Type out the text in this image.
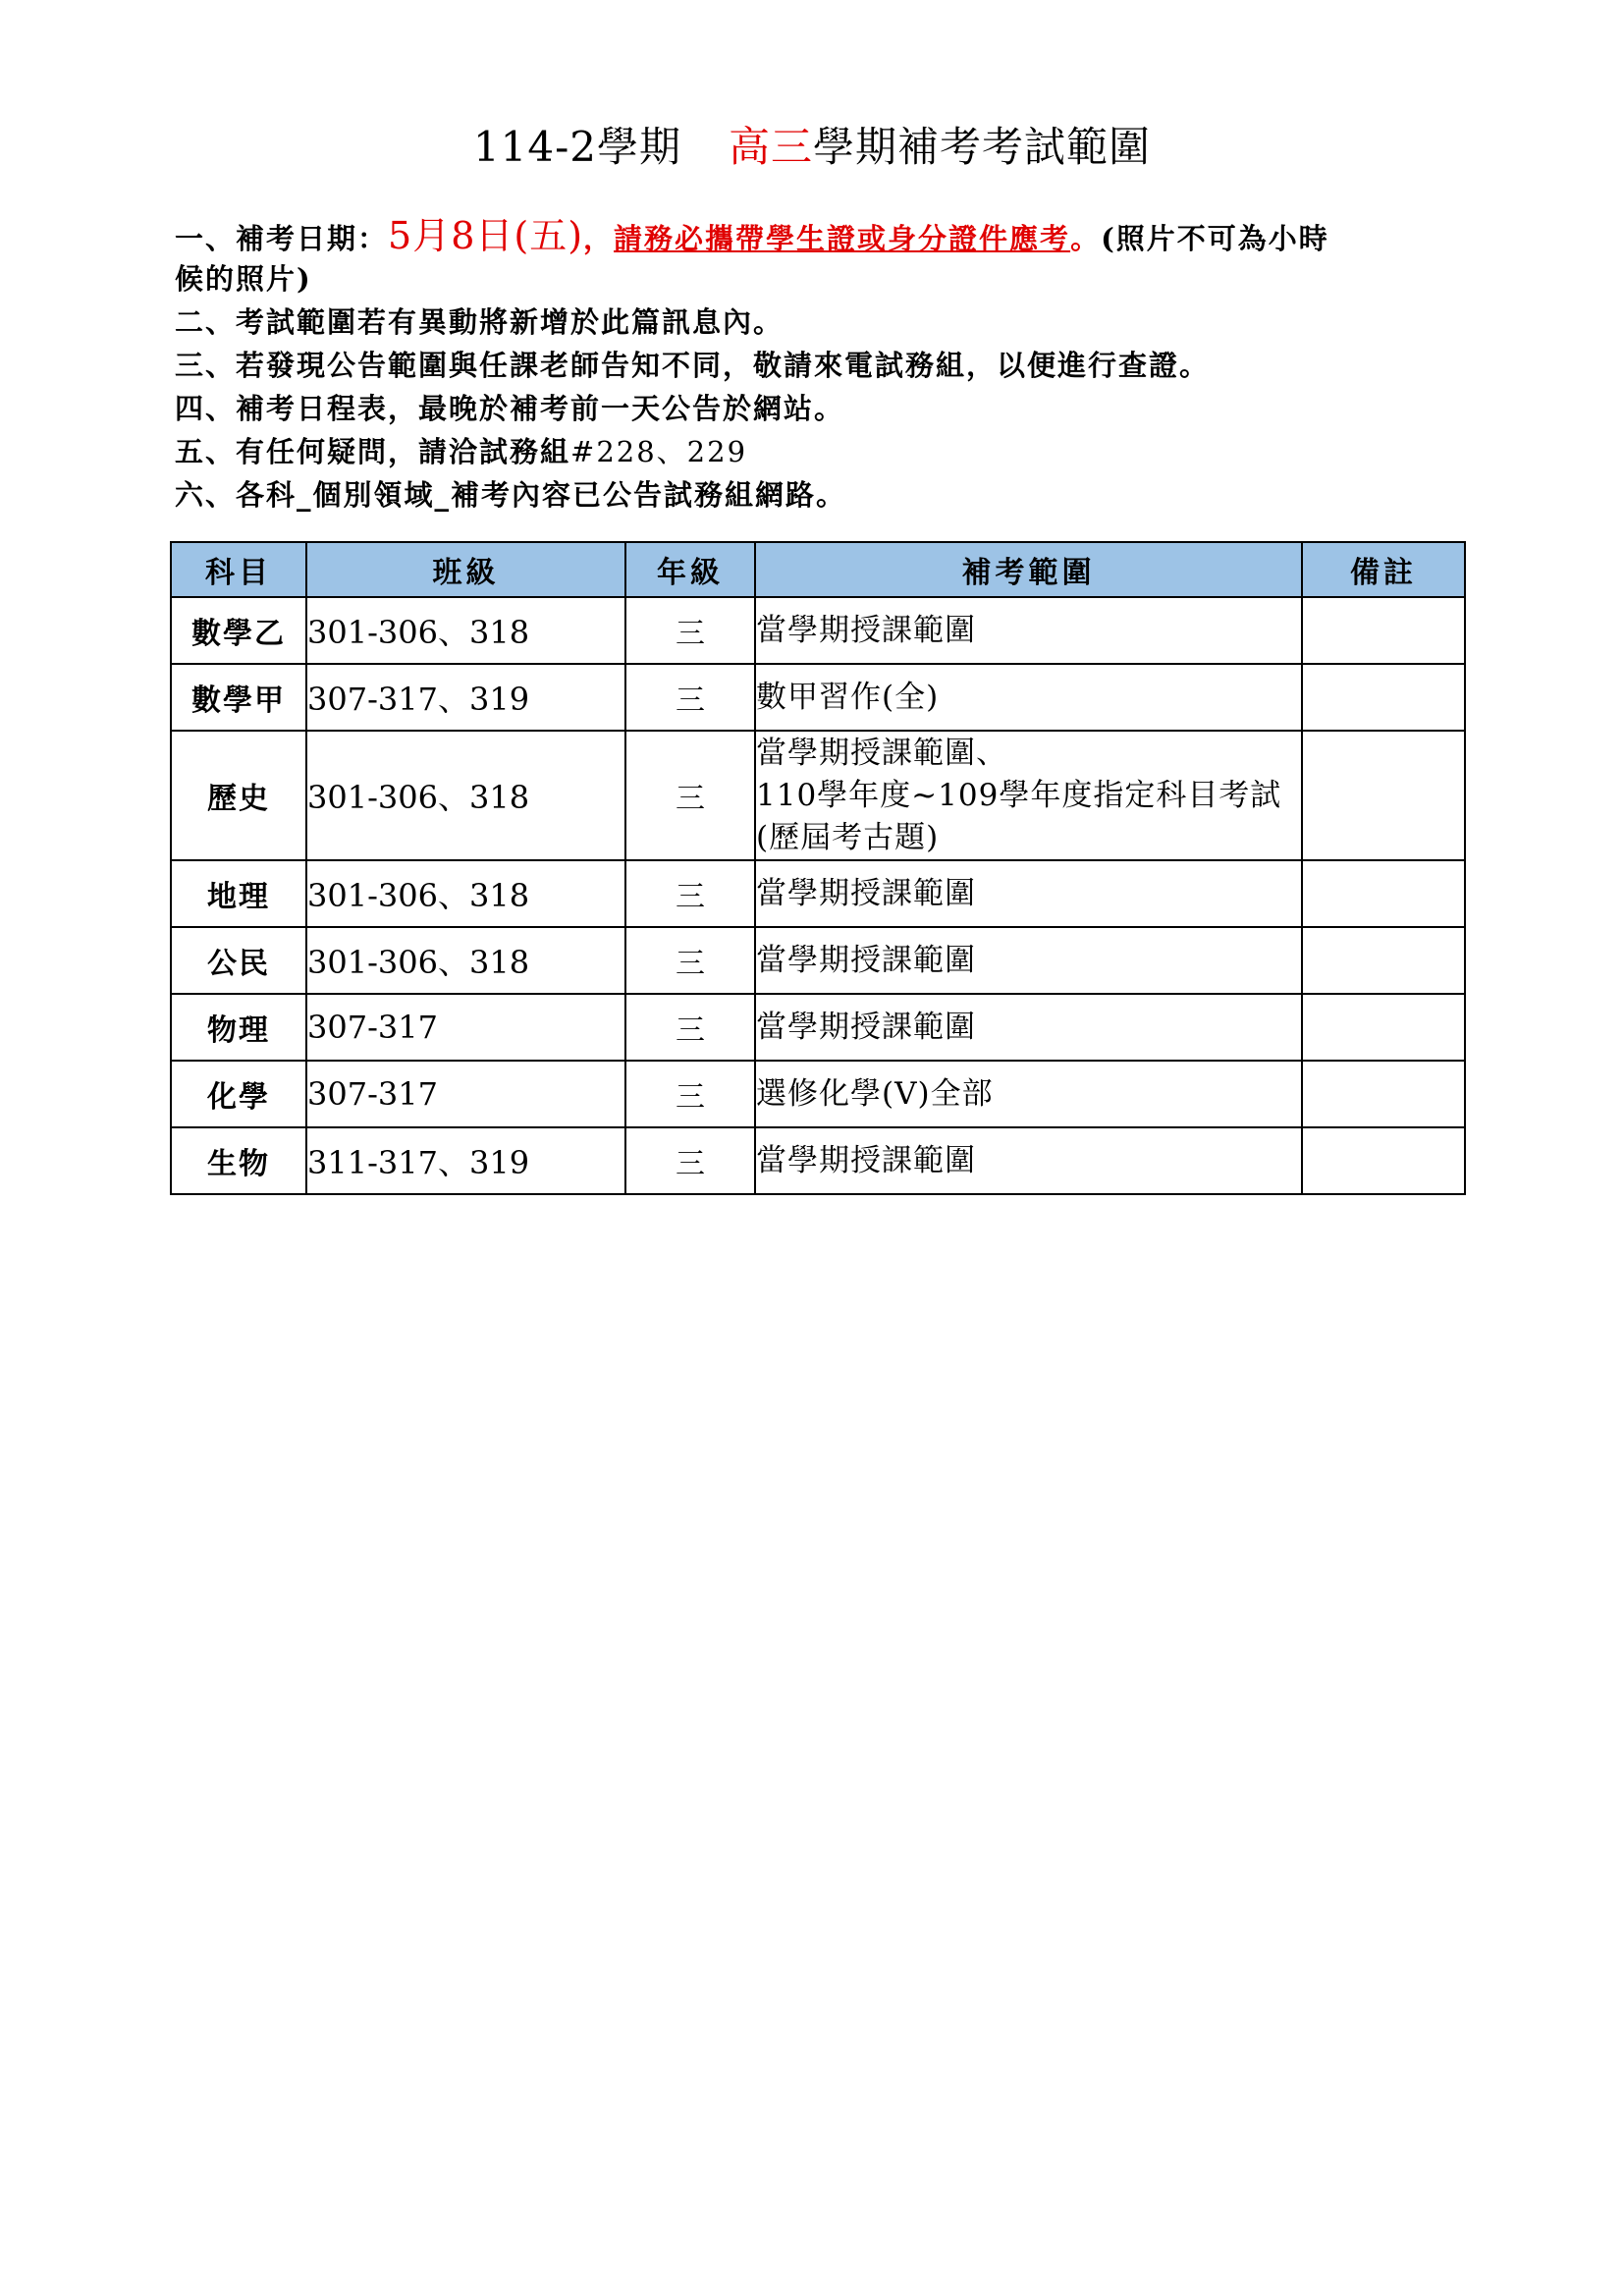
114-2學期 高三學期補考考試範圍
一、補考日期：5月8日(五)，請務必攜帶學生證或身分證件應考。(照片不可為小時
候的照片)
二、考試範圍若有異動將新增於此篇訊息內。
三、若發現公告範圍與任課老師告知不同，敬請來電試務組，以便進行查證。
四、補考日程表，最晚於補考前一天公告於網站。
五、有任何疑問，請洽試務組#228、229
六、各科_個別領域_補考內容已公告試務組網路。
科目	班級	年級	補考範圍	備註
數學乙	301-306、318	三	當學期授課範圍	

數學甲	307-317、319	三	數甲習作(全)	

歷史	301-306、318	三	當學期授課範圍、
110學年度~109學年度指定科目考試
(歷屆考古題)	

地理	301-306、318	三	當學期授課範圍	

公民	301-306、318	三	當學期授課範圍	

物理	307-317	三	當學期授課範圍	

化學	307-317	三	選修化學(V)全部	

生物	311-317、319	三	當學期授課範圍	
